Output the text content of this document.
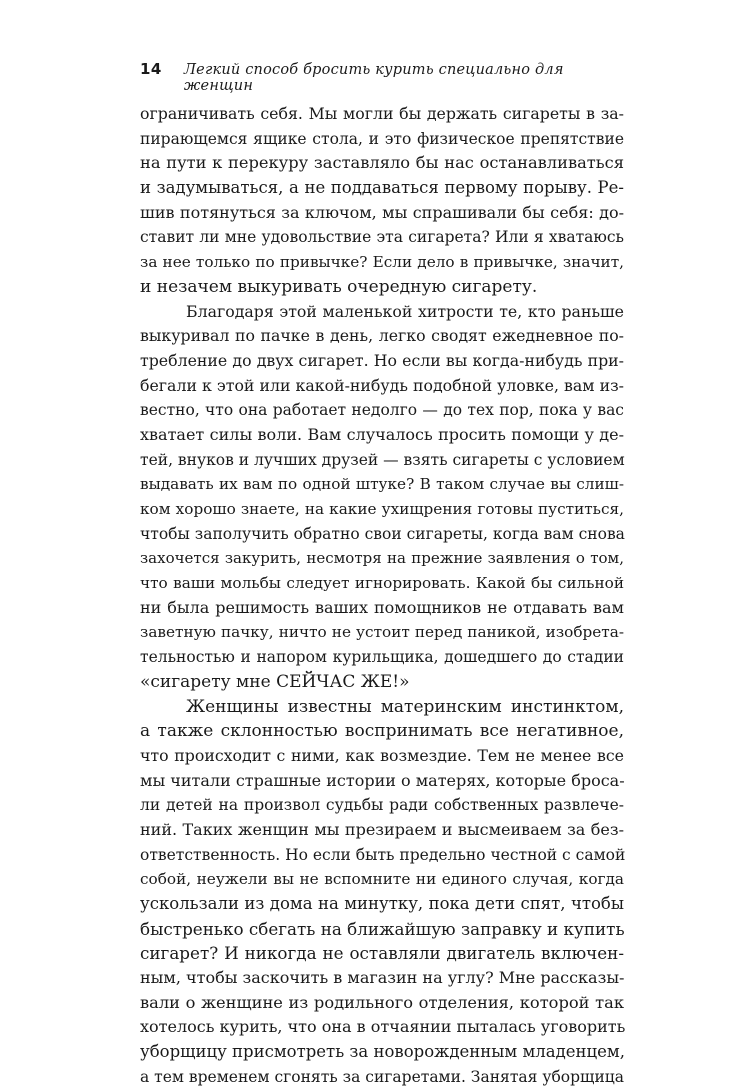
14 Легкий способ бросить курить специально для женщин
ограничивать себя. Мы могли бы держать сигареты в за-
пирающемся ящике стола, и это физическое препятствие
на пути к перекуру заставляло бы нас останавливаться
и задумываться, а не поддаваться первому порыву. Ре-
шив потянуться за ключом, мы спрашивали бы себя: до-
ставит ли мне удовольствие эта сигарета? Или я хватаюсь
за нее только по привычке? Если дело в привычке, значит,
и незачем выкуривать очередную сигарету.
Благодаря этой маленькой хитрости те, кто раньше
выкуривал по пачке в день, легко сводят ежедневное по-
требление до двух сигарет. Но если вы когда-нибудь при-
бегали к этой или какой-нибудь подобной уловке, вам из-
вестно, что она работает недолго — до тех пор, пока у вас
хватает силы воли. Вам случалось просить помощи у де-
тей, внуков и лучших друзей — взять сигареты с условием
выдавать их вам по одной штуке? В таком случае вы слиш-
ком хорошо знаете, на какие ухищрения готовы пуститься,
чтобы заполучить обратно свои сигареты, когда вам снова
захочется закурить, несмотря на прежние заявления о том,
что ваши мольбы следует игнорировать. Какой бы сильной
ни была решимость ваших помощников не отдавать вам
заветную пачку, ничто не устоит перед паникой, изобрета-
тельностью и напором курильщика, дошедшего до стадии
«сигарету мне СЕЙЧАС ЖЕ!»
Женщины известны материнским инстинктом,
а также склонностью воспринимать все негативное,
что происходит с ними, как возмездие. Тем не менее все
мы читали страшные истории о матерях, которые броса-
ли детей на произвол судьбы ради собственных развлече-
ний. Таких женщин мы презираем и высмеиваем за без-
ответственность. Но если быть предельно честной с самой
собой, неужели вы не вспомните ни единого случая, когда
ускользали из дома на минутку, пока дети спят, чтобы
быстренько сбегать на ближайшую заправку и купить
сигарет? И никогда не оставляли двигатель включен-
ным, чтобы заскочить в магазин на углу? Мне рассказы-
вали о женщине из родильного отделения, которой так
хотелось курить, что она в отчаянии пыталась уговорить
уборщицу присмотреть за новорожденным младенцем,
а тем временем сгонять за сигаретами. Занятая уборщица
